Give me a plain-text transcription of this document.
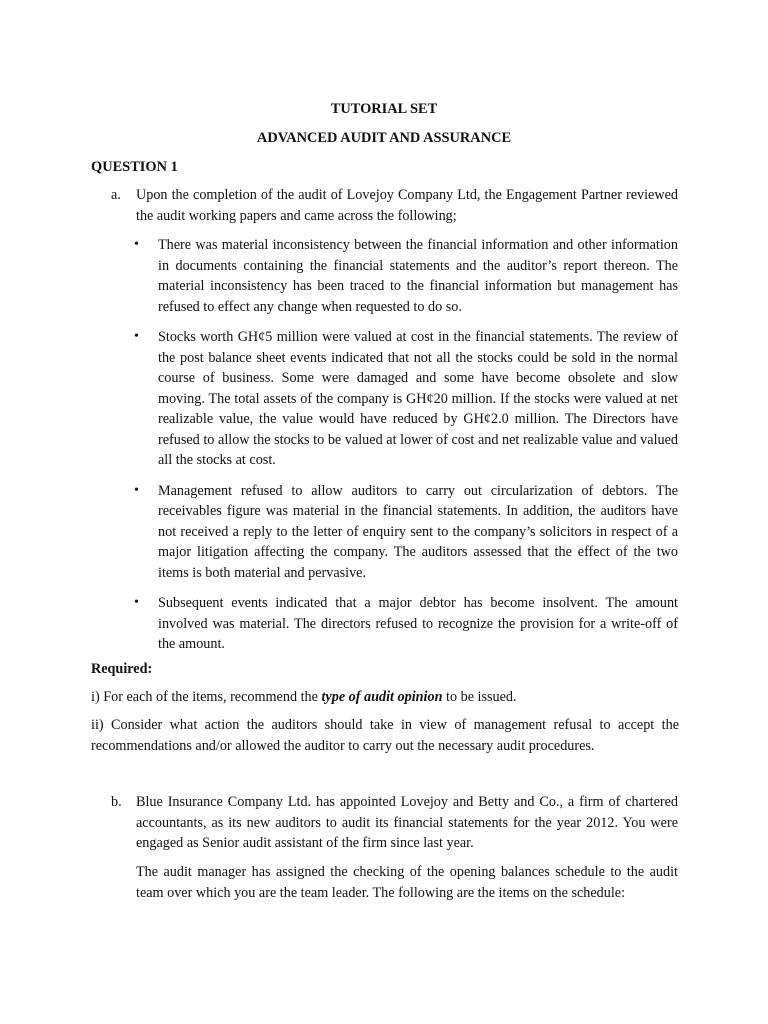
TUTORIAL SET
ADVANCED AUDIT AND ASSURANCE
QUESTION 1
a. Upon the completion of the audit of Lovejoy Company Ltd, the Engagement Partner reviewed the audit working papers and came across the following;

• There was material inconsistency between the financial information and other information in documents containing the financial statements and the auditor’s report thereon. The material inconsistency has been traced to the financial information but management has refused to effect any change when requested to do so.

• Stocks worth GH¢5 million were valued at cost in the financial statements. The review of the post balance sheet events indicated that not all the stocks could be sold in the normal course of business. Some were damaged and some have become obsolete and slow moving. The total assets of the company is GH¢20 million. If the stocks were valued at net realizable value, the value would have reduced by GH¢2.0 million. The Directors have refused to allow the stocks to be valued at lower of cost and net realizable value and valued all the stocks at cost.

• Management refused to allow auditors to carry out circularization of debtors. The receivables figure was material in the financial statements. In addition, the auditors have not received a reply to the letter of enquiry sent to the company’s solicitors in respect of a major litigation affecting the company. The auditors assessed that the effect of the two items is both material and pervasive.

• Subsequent events indicated that a major debtor has become insolvent. The amount involved was material. The directors refused to recognize the provision for a write-off of the amount.

Required:
i) For each of the items, recommend the type of audit opinion to be issued.
ii) Consider what action the auditors should take in view of management refusal to accept the recommendations and/or allowed the auditor to carry out the necessary audit procedures.
b. Blue Insurance Company Ltd. has appointed Lovejoy and Betty and Co., a firm of chartered accountants, as its new auditors to audit its financial statements for the year 2012. You were engaged as Senior audit assistant of the firm since last year.
The audit manager has assigned the checking of the opening balances schedule to the audit team over which you are the team leader. The following are the items on the schedule:
